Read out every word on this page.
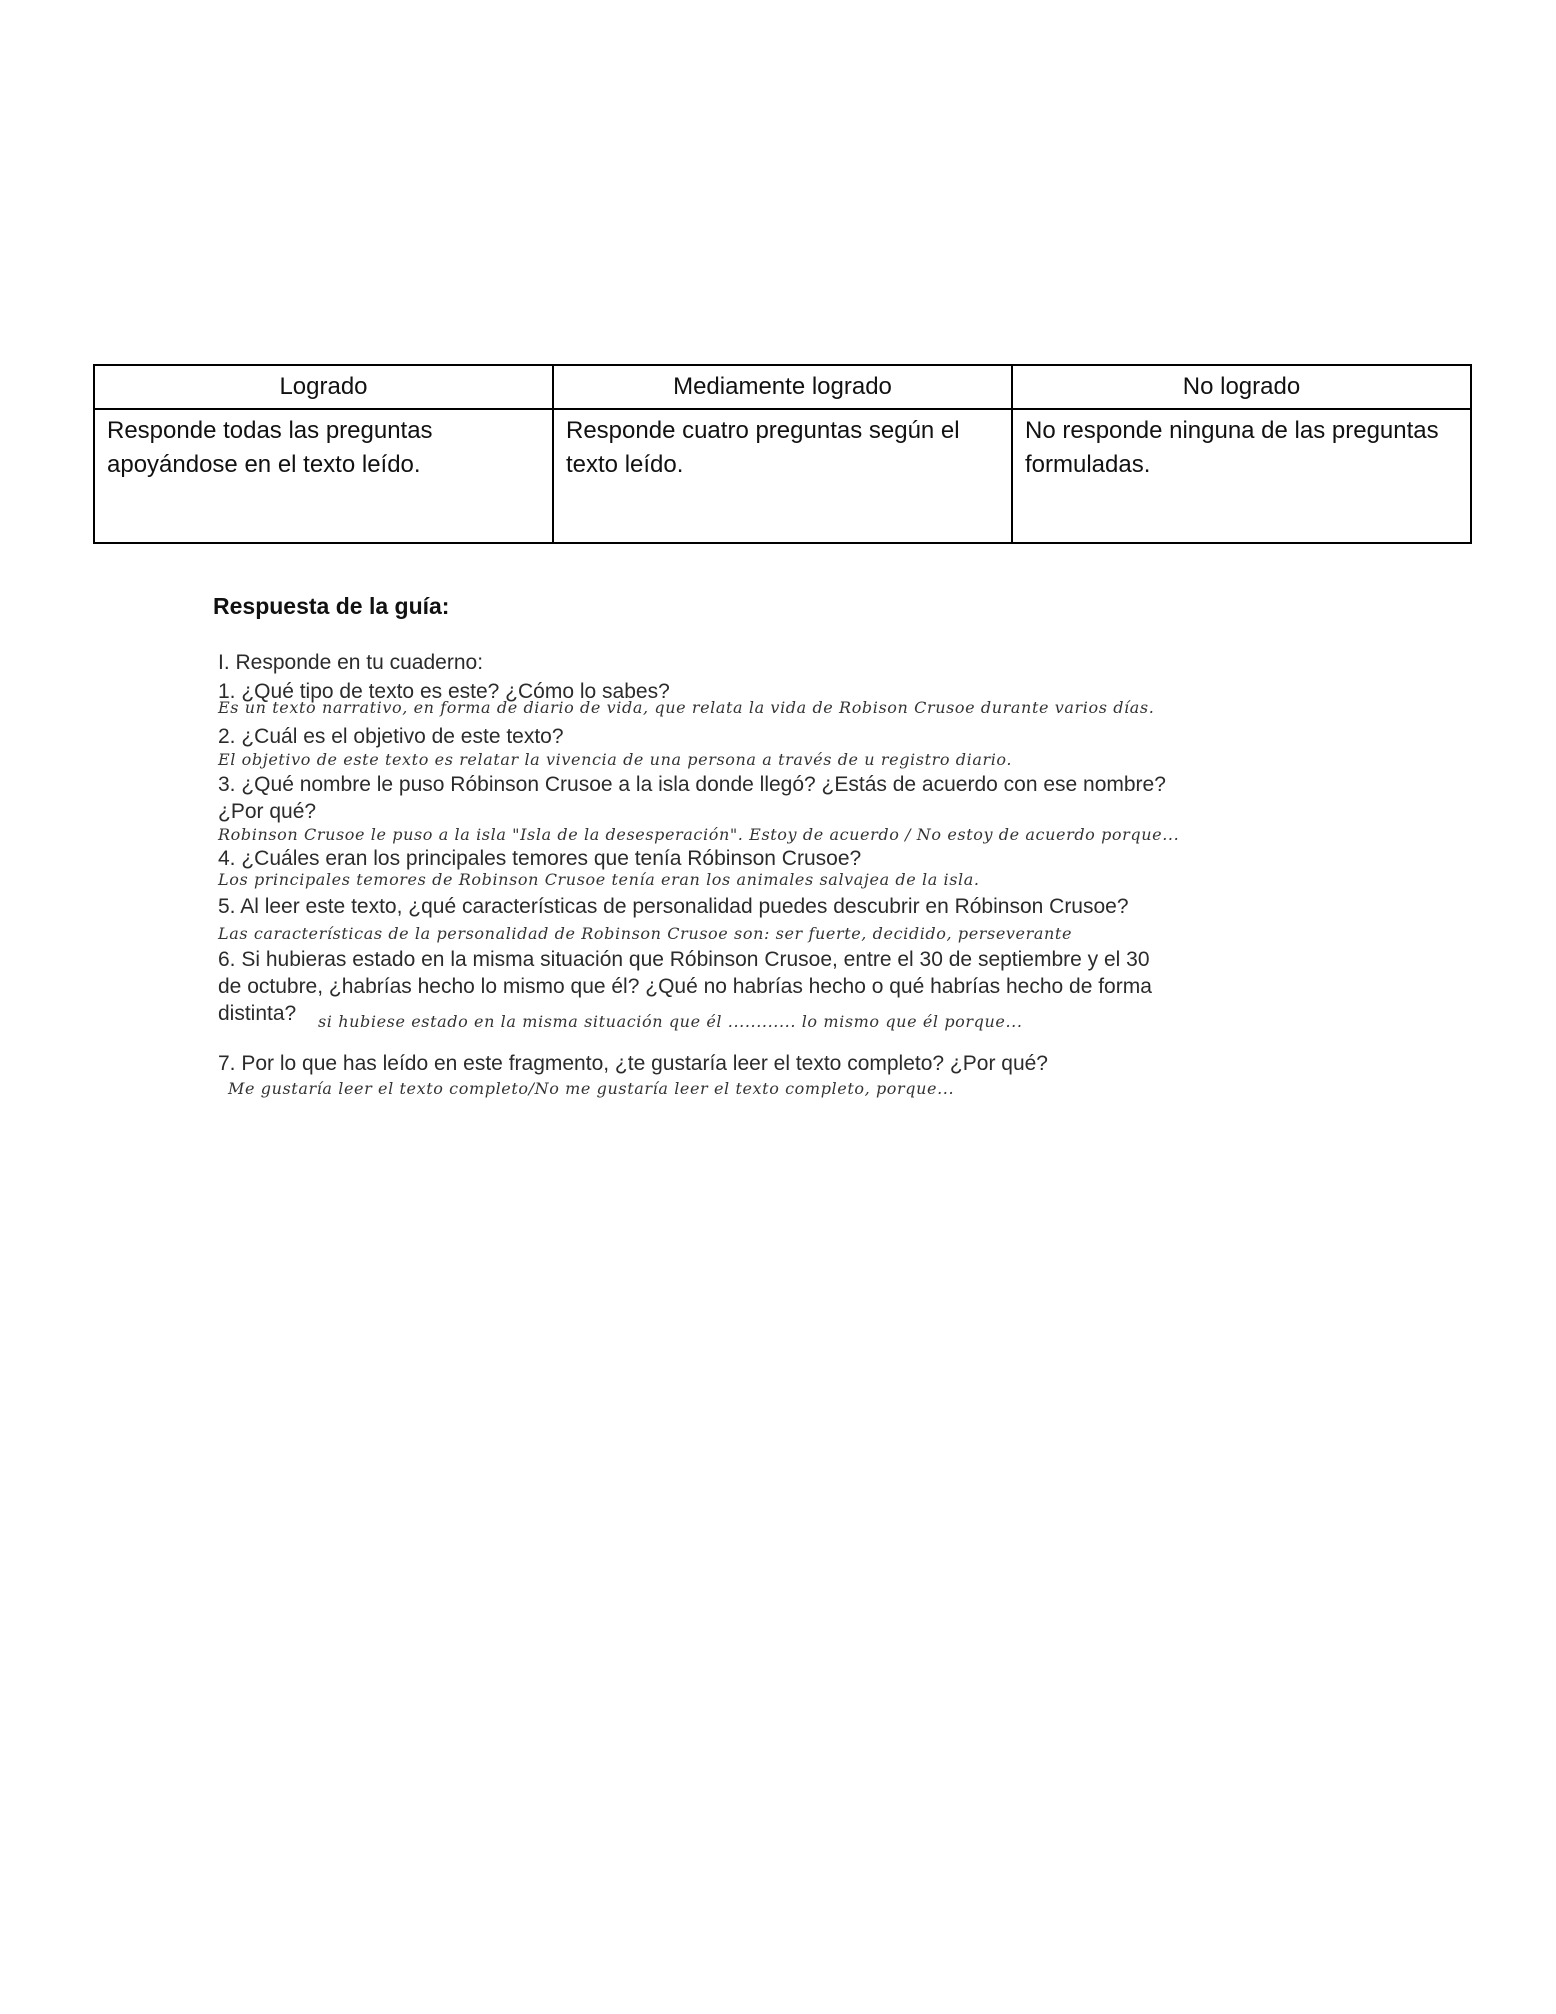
Logrado	Mediamente logrado	No logrado
Responde todas las preguntas apoyándose en el texto leído.	Responde cuatro preguntas según el texto leído.	No responde ninguna de las preguntas formuladas.
Respuesta de la guía:

I. Responde en tu cuaderno:

1. ¿Qué tipo de texto es este? ¿Cómo lo sabes?

Es un texto narrativo, en forma de diario de vida, que relata la vida de Robison Crusoe durante varios días.

2. ¿Cuál es el objetivo de este texto?

El objetivo de este texto es relatar la vivencia de una persona a través de u registro diario.

3. ¿Qué nombre le puso Róbinson Crusoe a la isla donde llegó? ¿Estás de acuerdo con ese nombre?

¿Por qué?

Robinson Crusoe le puso a la isla "Isla de la desesperación". Estoy de acuerdo / No estoy de acuerdo porque...

4. ¿Cuáles eran los principales temores que tenía Róbinson Crusoe?

Los principales temores de Robinson Crusoe tenía eran los animales salvajea de la isla.

5. Al leer este texto, ¿qué características de personalidad puedes descubrir en Róbinson Crusoe?

Las características de la personalidad de Robinson Crusoe son: ser fuerte, decidido, perseverante

6. Si hubieras estado en la misma situación que Róbinson Crusoe, entre el 30 de septiembre y el 30

de octubre, ¿habrías hecho lo mismo que él? ¿Qué no habrías hecho o qué habrías hecho de forma

distinta? si hubiese estado en la misma situación que él ............ lo mismo que él porque...

7. Por lo que has leído en este fragmento, ¿te gustaría leer el texto completo? ¿Por qué?

Me gustaría leer el texto completo/No me gustaría leer el texto completo, porque...
